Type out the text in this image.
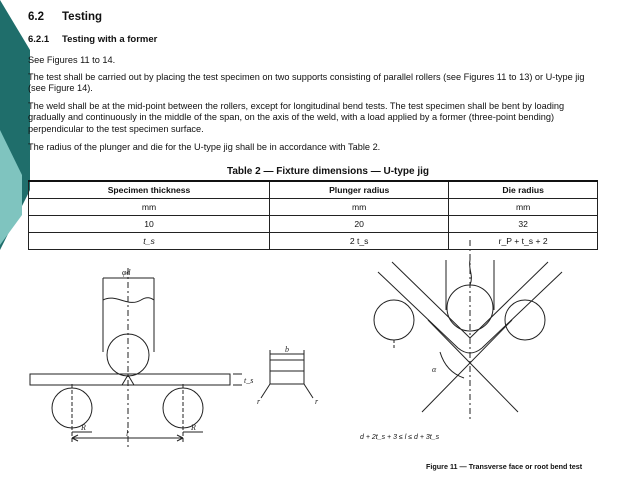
6.2 Testing
6.2.1 Testing with a former
See Figures 11 to 14.
The test shall be carried out by placing the test specimen on two supports consisting of parallel rollers (see Figures 11 to 13) or U-type jig (see Figure 14).
The weld shall be at the mid-point between the rollers, except for longitudinal bend tests. The test specimen shall be bent by loading gradually and continuously in the middle of the span, on the axis of the weld, with a load applied by a former (three-point bending) perpendicular to the test specimen surface.
The radius of the plunger and die for the U-type jig shall be in accordance with Table 2.
Table 2 — Fixture dimensions — U-type jig
Specimen thickness	Plunger radius	Die radius
mm	mm	mm
10	20	32
t_s	2 t_s	r_P + t_s + 2
φd
t_s
b
r	r
R	R
l
α
d + 2t_s + 3 ≤ l ≤ d + 3t_s
Figure 11 — Transverse face or root bend test
